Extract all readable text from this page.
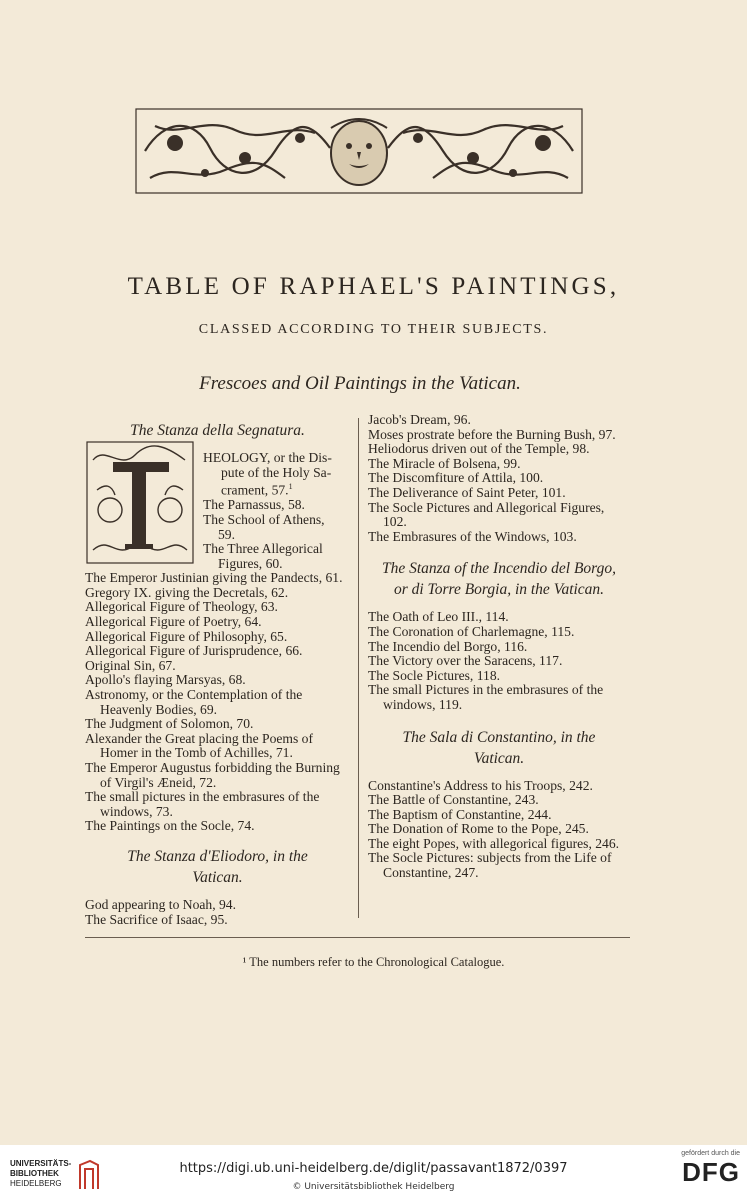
TABLE OF RAPHAEL'S PAINTINGS,
CLASSED ACCORDING TO THEIR SUBJECTS.
Frescoes and Oil Paintings in the Vatican.
The Stanza della Segnatura.
HEOLOGY, or the Dis-
pute of the Holy Sa-
crament, 57.$^1$
The Parnassus, 58.
The School of Athens,
59.
The Three Allegorical
Figures, 60.
The Emperor Justinian giving the Pandects, 61.
Gregory IX. giving the Decretals, 62.
Allegorical Figure of Theology, 63.
Allegorical Figure of Poetry, 64.
Allegorical Figure of Philosophy, 65.
Allegorical Figure of Jurisprudence, 66.
Original Sin, 67.
Apollo's flaying Marsyas, 68.
Astronomy, or the Contemplation of the Heavenly Bodies, 69.
The Judgment of Solomon, 70.
Alexander the Great placing the Poems of Homer in the Tomb of Achilles, 71.
The Emperor Augustus forbidding the Burning of Virgil's Æneid, 72.
The small pictures in the embrasures of the windows, 73.
The Paintings on the Socle, 74.
The Stanza d'Eliodoro, in the Vatican.
God appearing to Noah, 94.
The Sacrifice of Isaac, 95.
Jacob's Dream, 96.
Moses prostrate before the Burning Bush, 97.
Heliodorus driven out of the Temple, 98.
The Miracle of Bolsena, 99.
The Discomfiture of Attila, 100.
The Deliverance of Saint Peter, 101.
The Socle Pictures and Allegorical Figures, 102.
The Embrasures of the Windows, 103.
The Stanza of the Incendio del Borgo, or di Torre Borgia, in the Vatican.
The Oath of Leo III., 114.
The Coronation of Charlemagne, 115.
The Incendio del Borgo, 116.
The Victory over the Saracens, 117.
The Socle Pictures, 118.
The small Pictures in the embrasures of the windows, 119.
The Sala di Constantino, in the Vatican.
Constantine's Address to his Troops, 242.
The Battle of Constantine, 243.
The Baptism of Constantine, 244.
The Donation of Rome to the Pope, 245.
The eight Popes, with allegorical figures, 246.
The Socle Pictures: subjects from the Life of Constantine, 247.
¹ The numbers refer to the Chronological Catalogue.
UNIVERSITÄTS-
BIBLIOTHEK
HEIDELBERG
https://digi.ub.uni-heidelberg.de/diglit/passavant1872/0397
© Universitätsbibliothek Heidelberg
gefördert durch die
DFG
